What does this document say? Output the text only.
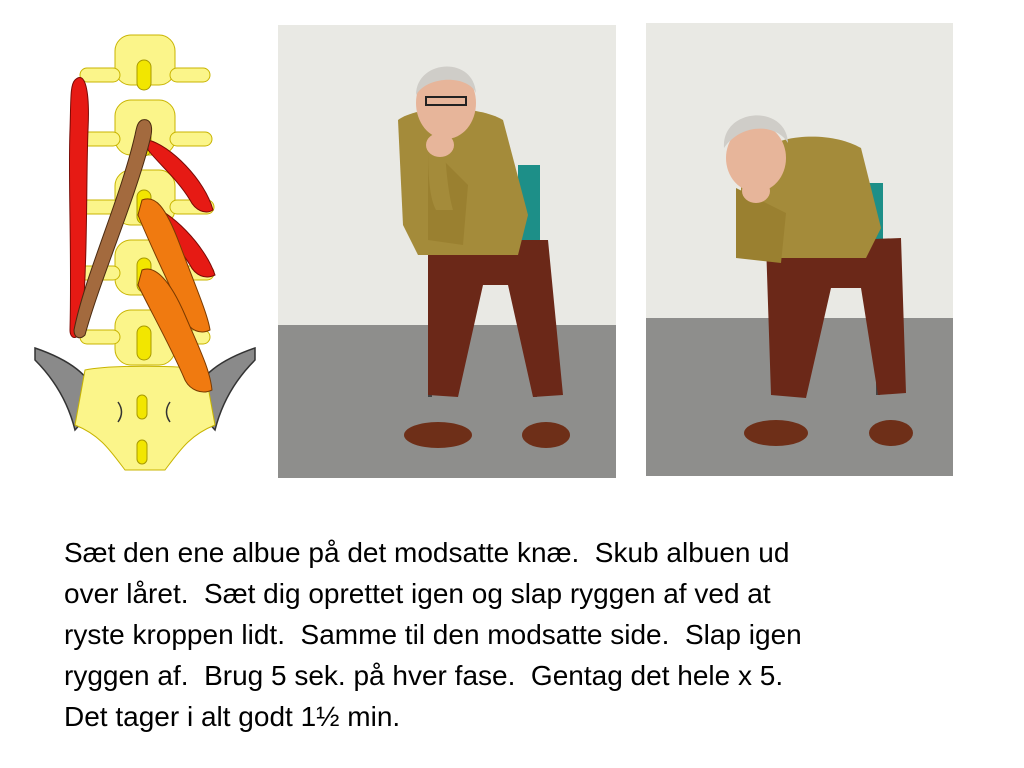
Sæt den ene albue på det modsatte knæ.  Skub albuen ud
over låret.  Sæt dig oprettet igen og slap ryggen af ved at
ryste kroppen lidt.  Samme til den modsatte side.  Slap igen
ryggen af.  Brug 5 sek. på hver fase.  Gentag det hele x 5.
Det tager i alt godt 1½ min.
